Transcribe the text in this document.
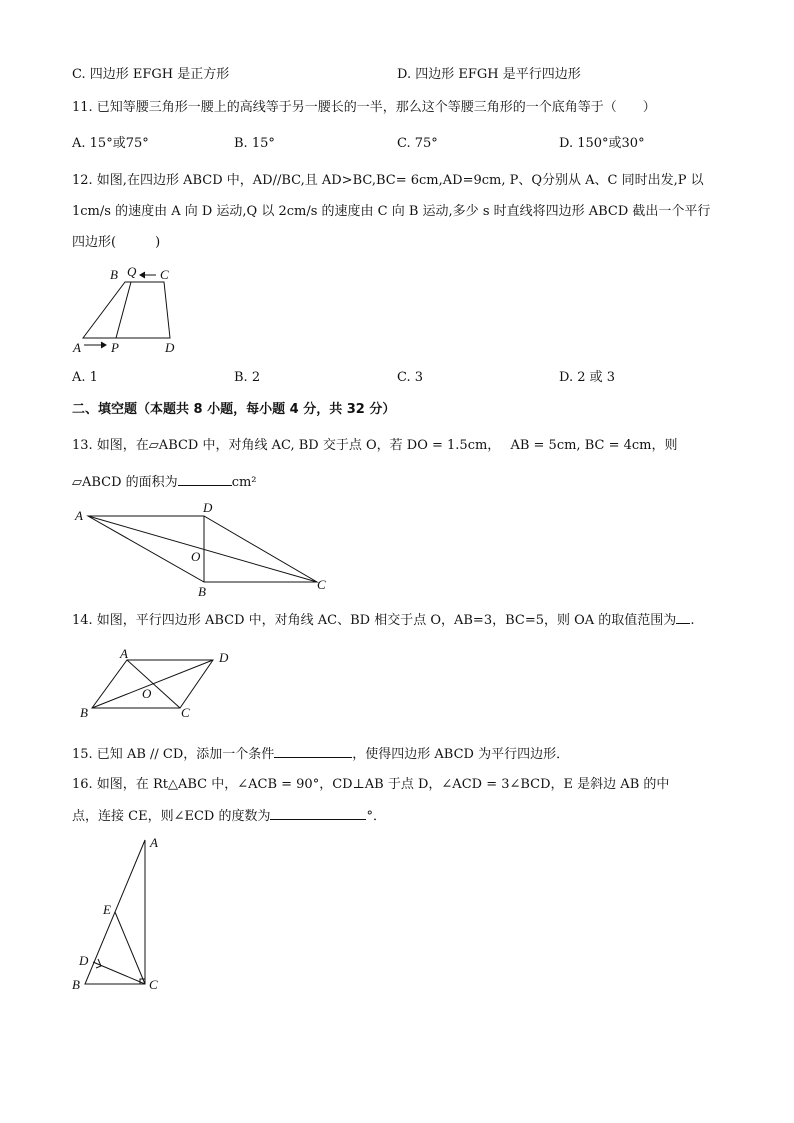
C. 四边形 EFGH 是正方形	D. 四边形 EFGH 是平行四边形
11. 已知等腰三角形一腰上的高线等于另一腰长的一半，那么这个等腰三角形的一个底角等于（　　）
A. 15°或75°	B. 15°	C. 75°	D. 150°或30°
12. 如图,在四边形 ABCD 中，AD//BC,且 AD>BC,BC= 6cm,AD=9cm, P、Q分别从 A、C 同时出发,P 以
1cm/s 的速度由 A 向 D 运动,Q 以 2cm/s 的速度由 C 向 B 运动,多少 s 时直线将四边形 ABCD 截出一个平行
四边形(　　　)
B Q C
A P	D
A. 1	B. 2	C. 3	D. 2 或 3
二、填空题（本题共 8 小题，每小题 4 分，共 32 分）
13. 如图，在▱ABCD 中，对角线 AC, BD 交于点 O，若 DO = 1.5cm， AB = 5cm, BC = 4cm，则
▱ABCD 的面积为	cm²
A
D
O
B	C
14. 如图，平行四边形 ABCD 中，对角线 AC、BD 相交于点 O，AB=3，BC=5，则 OA 的取值范围为 .
A	D
O
B	C
15. 已知 AB // CD，添加一个条件	，使得四边形 ABCD 为平行四边形．
16. 如图，在 Rt△ABC 中，∠ACB = 90°，CD⊥AB 于点 D，∠ACD = 3∠BCD，E 是斜边 AB 的中
点，连接 CE，则∠ECD 的度数为	°．
A
E
D
B	C
